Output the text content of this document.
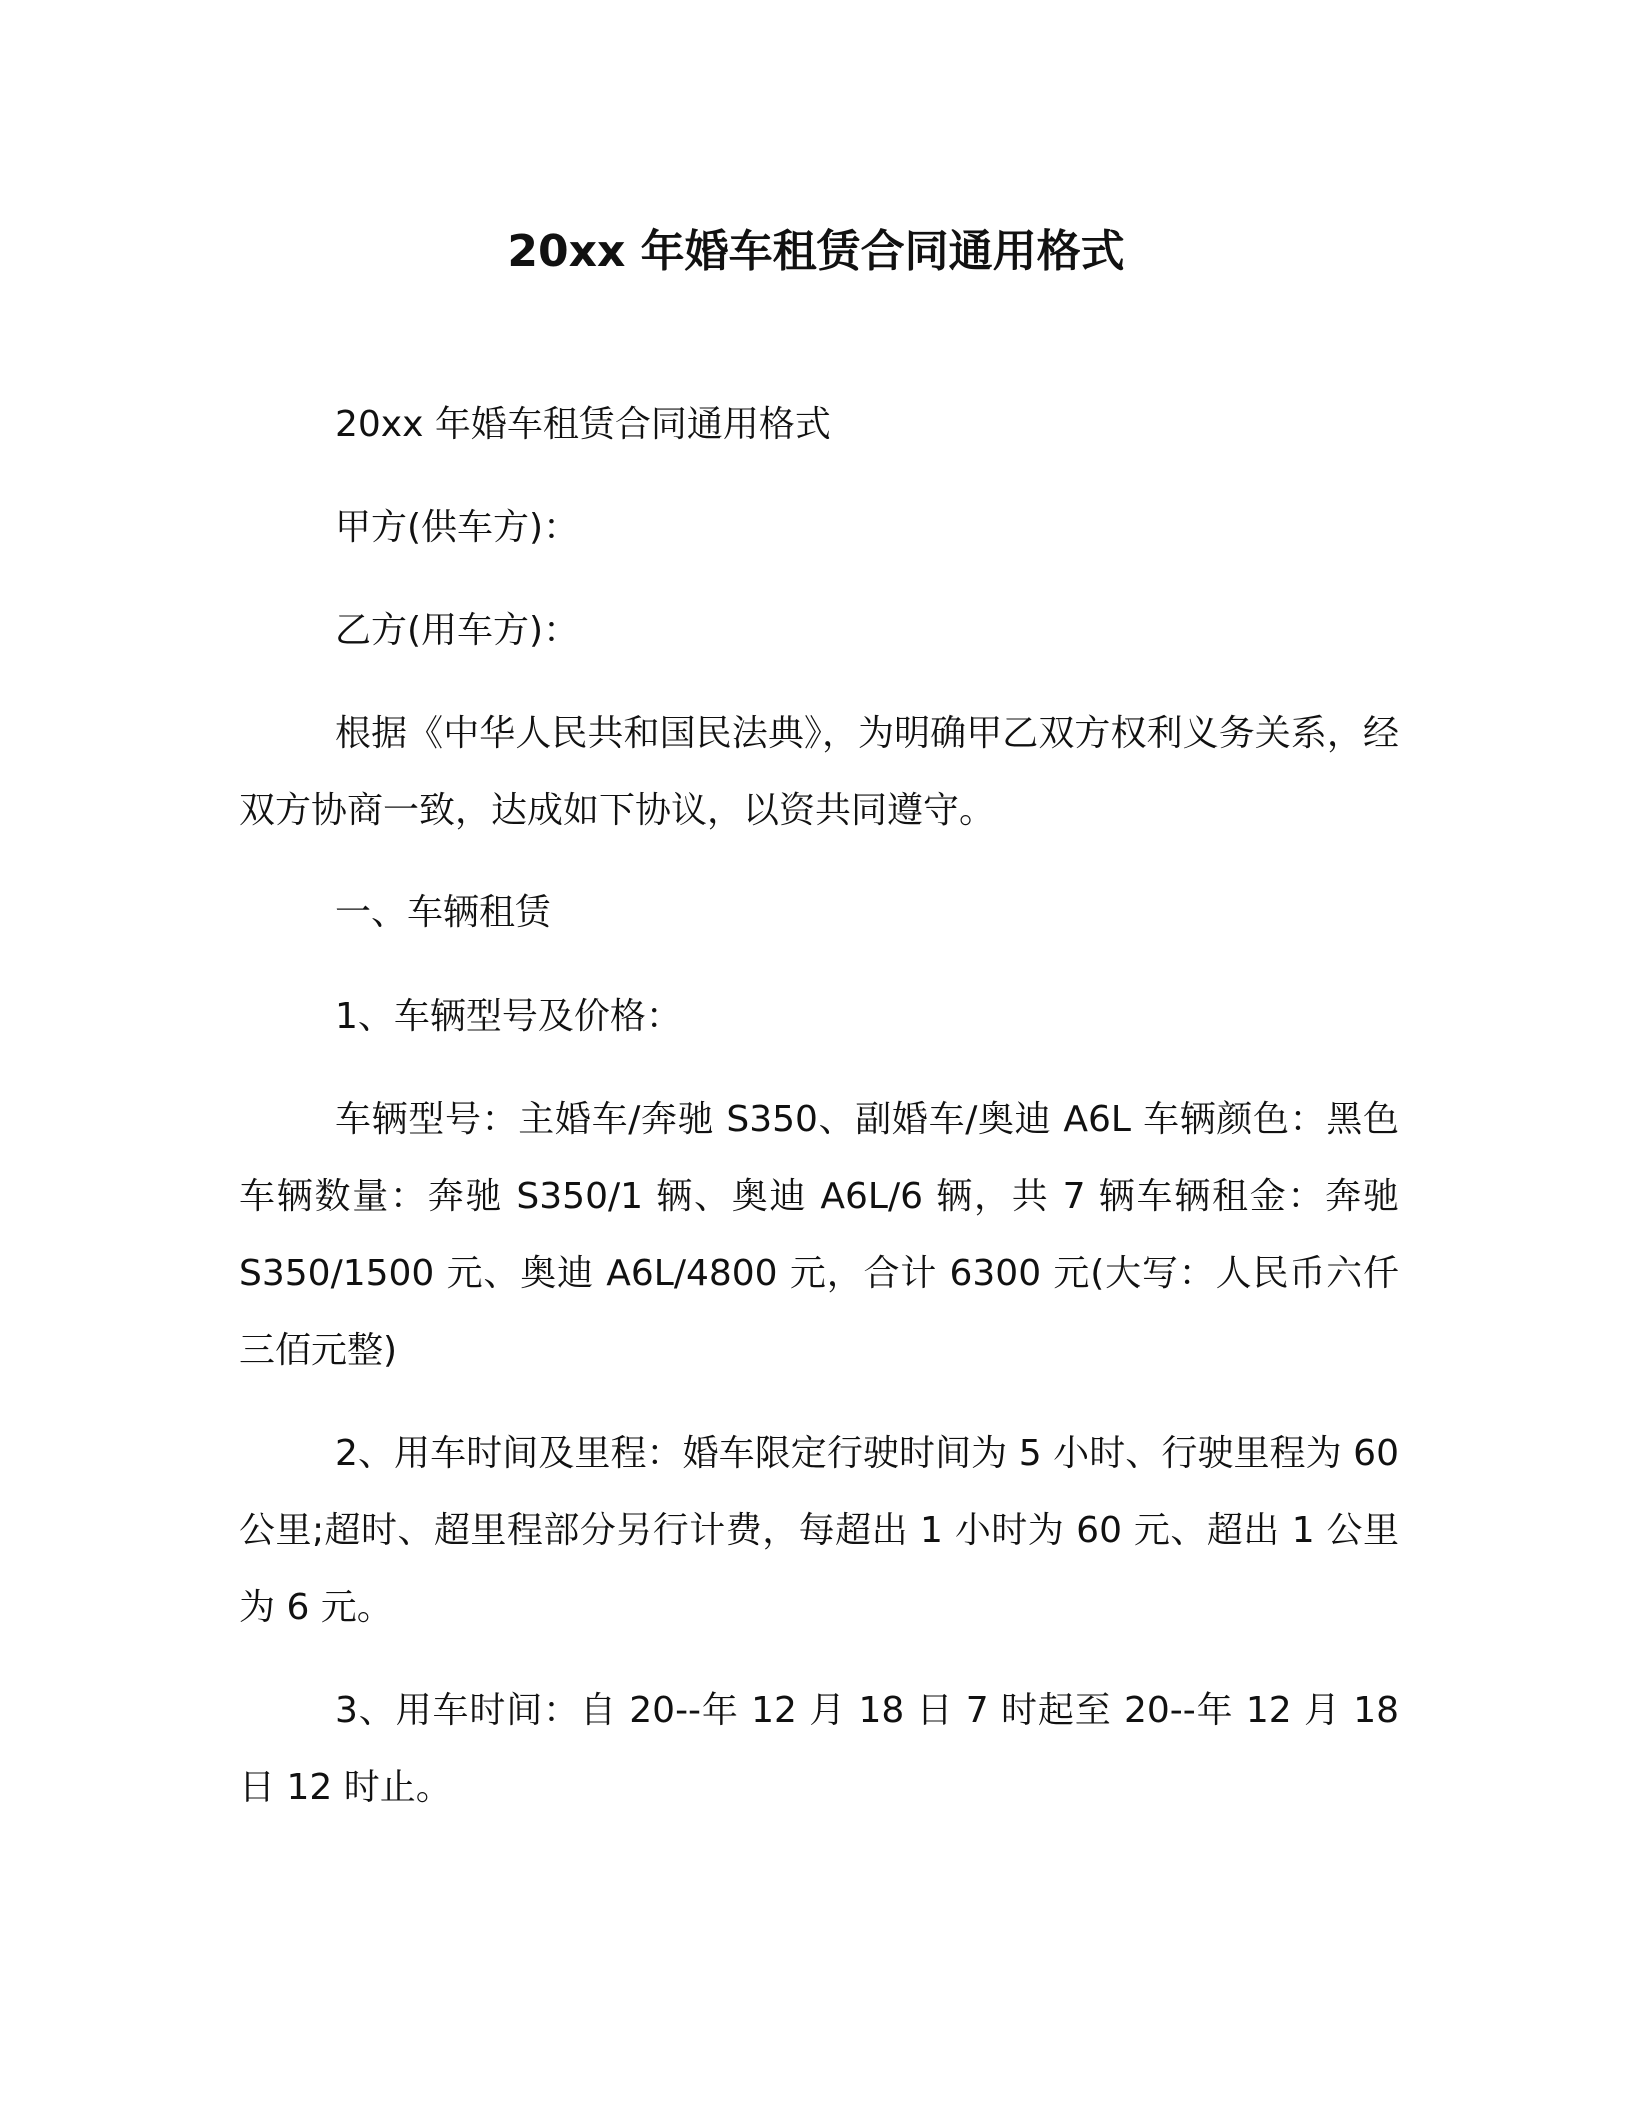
20xx 年婚车租赁合同通用格式

20xx 年婚车租赁合同通用格式

甲方(供车方)：

乙方(用车方)：

根据《中华人民共和国民法典》，为明确甲乙双方权利义务关系，经双方协商一致，达成如下协议，以资共同遵守。

一、车辆租赁

1、车辆型号及价格：

车辆型号：主婚车/奔驰 S350、副婚车/奥迪 A6L 车辆颜色：黑色车辆数量：奔驰 S350/1 辆、奥迪 A6L/6 辆，共 7 辆车辆租金：奔驰 S350/1500 元、奥迪 A6L/4800 元，合计 6300 元(大写：人民币六仟三佰元整)

2、用车时间及里程：婚车限定行驶时间为 5 小时、行驶里程为 60 公里;超时、超里程部分另行计费，每超出 1 小时为 60 元、超出 1 公里为 6 元。

3、用车时间：自 20--年 12 月 18 日 7 时起至 20--年 12 月 18 日 12 时止。
